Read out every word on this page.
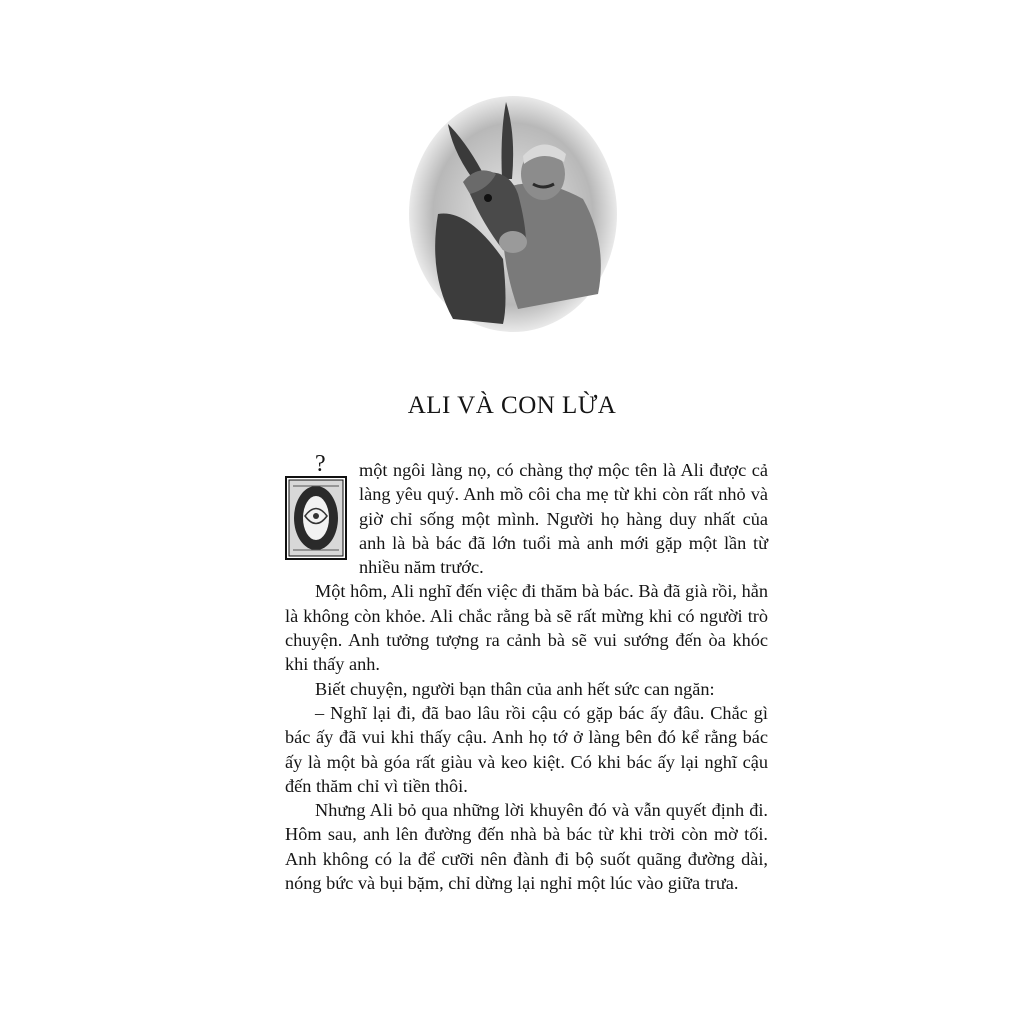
ALI VÀ CON LỪA

? một ngôi làng nọ, có chàng thợ mộc tên là Ali được cả làng yêu quý. Anh mồ côi cha mẹ từ khi còn rất nhỏ và giờ chỉ sống một mình. Người họ hàng duy nhất của anh là bà bác đã lớn tuổi mà anh mới gặp một lần từ nhiều năm trước.

Một hôm, Ali nghĩ đến việc đi thăm bà bác. Bà đã già rồi, hẳn là không còn khỏe. Ali chắc rằng bà sẽ rất mừng khi có người trò chuyện. Anh tưởng tượng ra cảnh bà sẽ vui sướng đến òa khóc khi thấy anh.

Biết chuyện, người bạn thân của anh hết sức can ngăn:

– Nghĩ lại đi, đã bao lâu rồi cậu có gặp bác ấy đâu. Chắc gì bác ấy đã vui khi thấy cậu. Anh họ tớ ở làng bên đó kể rằng bác ấy là một bà góa rất giàu và keo kiệt. Có khi bác ấy lại nghĩ cậu đến thăm chỉ vì tiền thôi.

Nhưng Ali bỏ qua những lời khuyên đó và vẫn quyết định đi. Hôm sau, anh lên đường đến nhà bà bác từ khi trời còn mờ tối. Anh không có la để cưỡi nên đành đi bộ suốt quãng đường dài, nóng bức và bụi bặm, chỉ dừng lại nghỉ một lúc vào giữa trưa.
